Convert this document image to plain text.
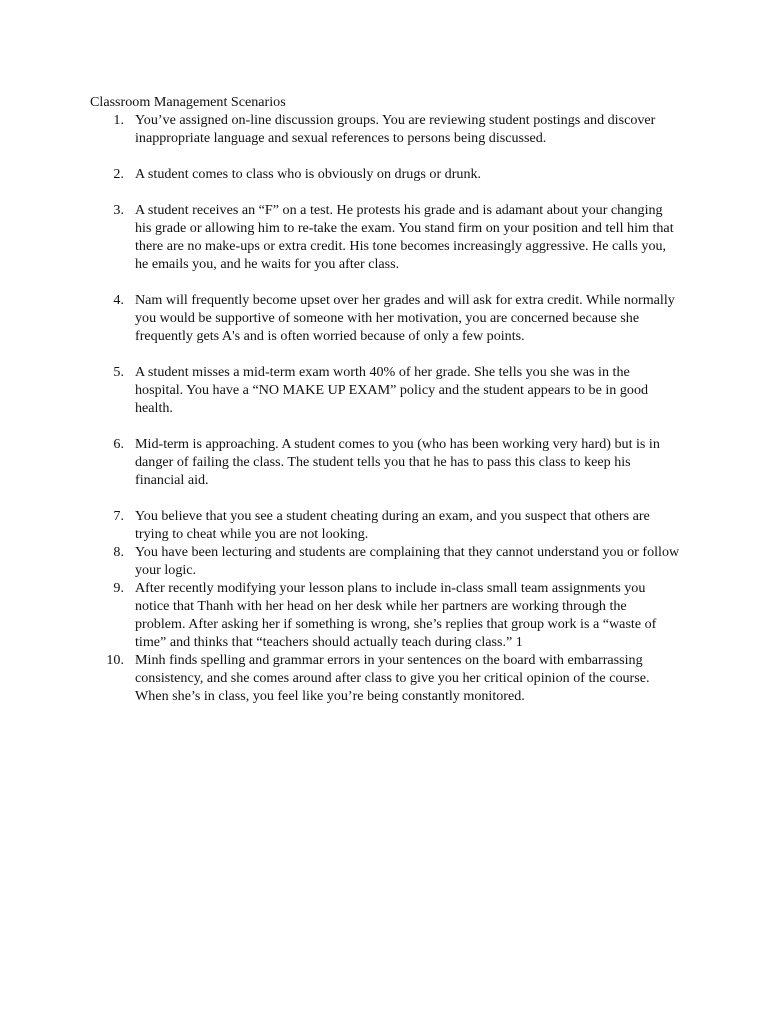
Classroom Management Scenarios
1. You’ve assigned on-line discussion groups. You are reviewing student postings and discover inappropriate language and sexual references to persons being discussed.
2. A student comes to class who is obviously on drugs or drunk.
3. A student receives an “F” on a test. He protests his grade and is adamant about your changing his grade or allowing him to re-take the exam. You stand firm on your position and tell him that there are no make-ups or extra credit. His tone becomes increasingly aggressive. He calls you, he emails you, and he waits for you after class.
4. Nam will frequently become upset over her grades and will ask for extra credit. While normally you would be supportive of someone with her motivation, you are concerned because she frequently gets A's and is often worried because of only a few points.
5. A student misses a mid-term exam worth 40% of her grade. She tells you she was in the hospital. You have a “NO MAKE UP EXAM” policy and the student appears to be in good health.
6. Mid-term is approaching. A student comes to you (who has been working very hard) but is in danger of failing the class. The student tells you that he has to pass this class to keep his financial aid.
7. You believe that you see a student cheating during an exam, and you suspect that others are trying to cheat while you are not looking.
8. You have been lecturing and students are complaining that they cannot understand you or follow your logic.
9. After recently modifying your lesson plans to include in-class small team assignments you notice that Thanh with her head on her desk while her partners are working through the problem. After asking her if something is wrong, she’s replies that group work is a “waste of time” and thinks that “teachers should actually teach during class.” 1
10. Minh finds spelling and grammar errors in your sentences on the board with embarrassing consistency, and she comes around after class to give you her critical opinion of the course. When she’s in class, you feel like you’re being constantly monitored.
